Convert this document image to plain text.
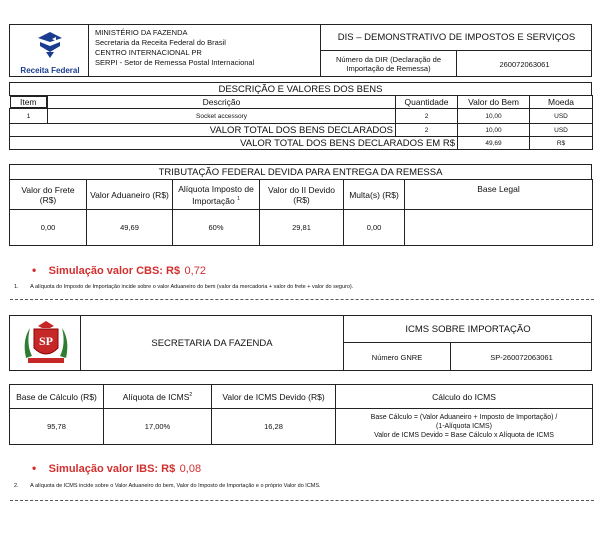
Receita Federal
MINISTÉRIO DA FAZENDA
Secretaria da Receita Federal do Brasil
CENTRO INTERNACIONAL PR
SERPI - Setor de Remessa Postal Internacional
DIS – DEMONSTRATIVO DE IMPOSTOS E SERVIÇOS
Número da DIR (Declaração de Importação de Remessa)	260072063061
DESCRIÇÃO E VALORES DOS BENS
Item	Descrição	Quantidade	Valor do Bem	Moeda
1	Socket accessory	2	10,00	USD
VALOR TOTAL DOS BENS DECLARADOS		2	10,00	USD
VALOR TOTAL DOS BENS DECLARADOS EM R$			49,69	R$
TRIBUTAÇÃO FEDERAL DEVIDA PARA ENTREGA DA REMESSA
Valor do Frete (R$)	Valor Aduaneiro (R$)	Alíquota Imposto de Importação $^1$	Valor do II Devido (R$)	Multa(s) (R$)	Base Legal
0,00	49,69	60%	29,81	0,00	
• Simulação valor CBS: R$ 0,72
1. A alíquota do Imposto de Importação incide sobre o valor Aduaneiro do bem (valor da mercadoria + valor do frete + valor do seguro).
SP	SECRETARIA DA FAZENDA
ICMS SOBRE IMPORTAÇÃO
Número GNRE	SP-260072063061
Base de Cálculo (R$)	Alíquota de ICMS$^2$	Valor de ICMS Devido (R$)	Cálculo do ICMS
95,78	17,00%	16,28	Base Cálculo = (Valor Aduaneiro + Imposto de Importação) /
(1-Alíquota ICMS)
Valor de ICMS Devido = Base Cálculo x Alíquota de ICMS
• Simulação valor IBS: R$ 0,08
2. A alíquota de ICMS incide sobre o Valor Aduaneiro do bem, Valor do Imposto de Importação e o próprio Valor do ICMS.
